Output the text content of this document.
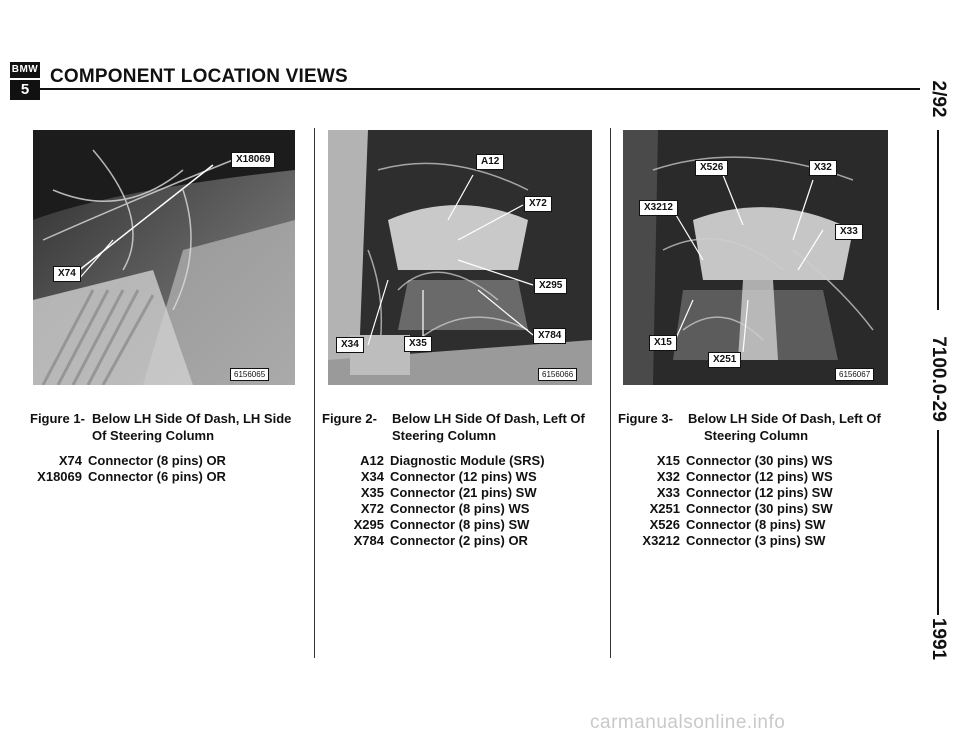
BMW
5
COMPONENT LOCATION VIEWS
2/92
7100.0-29
1991
X18069
X74
6156065
A12
X72
X295
X784
X34	X35
6156066
X526	X32
X3212
X33
X15
X251
6156067
Figure 1- Below LH Side Of Dash, LH Side
Of Steering Column
X74 Connector (8 pins) OR
X18069 Connector (6 pins) OR
Figure 2- Below LH Side Of Dash, Left Of
Steering Column
A12 Diagnostic Module (SRS)
X34 Connector (12 pins) WS
X35 Connector (21 pins) SW
X72 Connector (8 pins) WS
X295 Connector (8 pins) SW
X784 Connector (2 pins) OR
Figure 3- Below LH Side Of Dash, Left Of
Steering Column
X15 Connector (30 pins) WS
X32 Connector (12 pins) WS
X33 Connector (12 pins) SW
X251 Connector (30 pins) SW
X526 Connector (8 pins) SW
X3212 Connector (3 pins) SW
carmanualsonline.info
